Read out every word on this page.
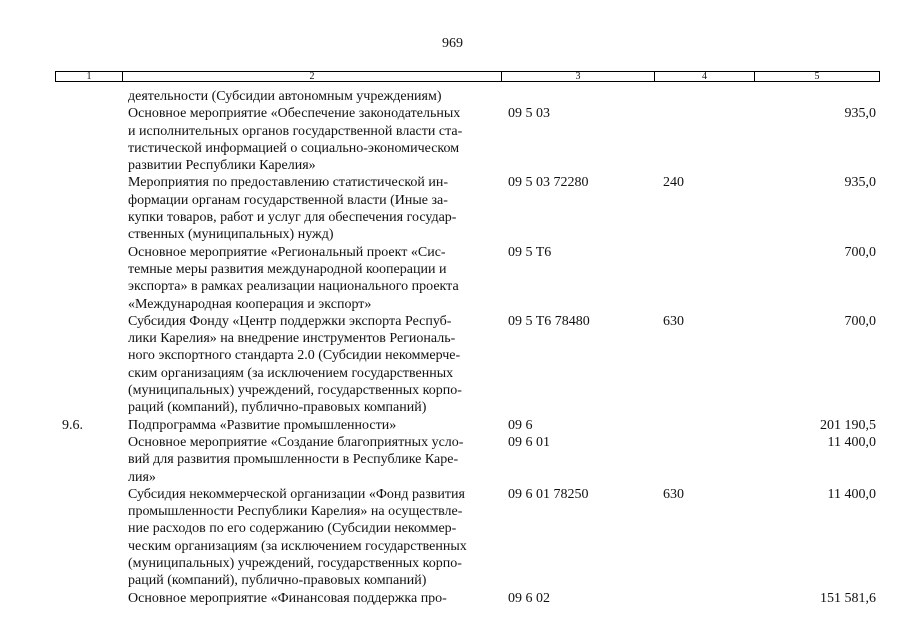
969
1	2	3	4	5
деятельности (Субсидии автономным учреждениям)
Основное мероприятие «Обеспечение законодательных
и исполнительных органов государственной власти ста-
тистической информацией о социально-экономическом
развитии Республики Карелия»
09 5 03	935,0
Мероприятия по предоставлению статистической ин-
формации органам государственной власти (Иные за-
купки товаров, работ и услуг для обеспечения государ-
ственных (муниципальных) нужд)
09 5 03 72280	240	935,0
Основное мероприятие «Региональный проект «Сис-
темные меры развития международной кооперации и
экспорта» в рамках реализации национального проекта
«Международная кооперация и экспорт»
09 5 T6	700,0
Субсидия Фонду «Центр поддержки экспорта Респуб-
лики Карелия» на внедрение инструментов Региональ-
ного экспортного стандарта 2.0 (Субсидии некоммерче-
ским организациям (за исключением государственных
(муниципальных) учреждений, государственных корпо-
раций (компаний), публично-правовых компаний)
09 5 T6 78480	630	700,0
9.6.	Подпрограмма «Развитие промышленности»	09 6	201 190,5
Основное мероприятие «Создание благоприятных усло-
вий для развития промышленности в Республике Каре-
лия»
09 6 01	11 400,0
Субсидия некоммерческой организации «Фонд развития
промышленности Республики Карелия» на осуществле-
ние расходов по его содержанию (Субсидии некоммер-
ческим организациям (за исключением государственных
(муниципальных) учреждений, государственных корпо-
раций (компаний), публично-правовых компаний)
09 6 01 78250	630	11 400,0
Основное мероприятие «Финансовая поддержка про-	09 6 02	151 581,6
